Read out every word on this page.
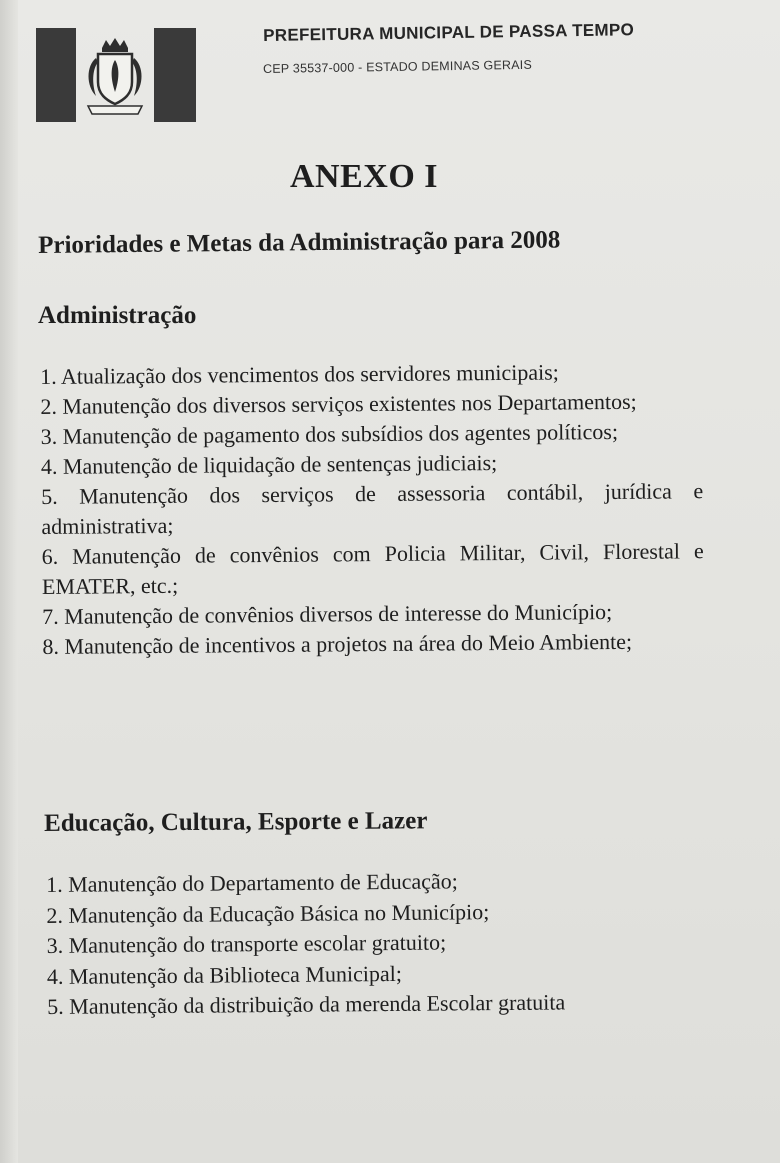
PREFEITURA MUNICIPAL DE PASSA TEMPO
CEP 35537-000 - ESTADO DEMINAS GERAIS
ANEXO I
Prioridades e Metas da Administração para 2008
Administração
1. Atualização dos vencimentos dos servidores municipais;
2. Manutenção dos diversos serviços existentes nos Departamentos;
3. Manutenção de pagamento dos subsídios dos agentes políticos;
4. Manutenção de liquidação de sentenças judiciais;
5. Manutenção dos serviços de assessoria contábil, jurídica e administrativa;
6. Manutenção de convênios com Policia Militar, Civil, Florestal e EMATER, etc.;
7. Manutenção de convênios diversos de interesse do Município;
8. Manutenção de incentivos a projetos na área do Meio Ambiente;
Educação, Cultura, Esporte e Lazer
1. Manutenção do Departamento de Educação;
2. Manutenção da Educação Básica no Município;
3. Manutenção do transporte escolar gratuito;
4. Manutenção da Biblioteca Municipal;
5. Manutenção da distribuição da merenda Escolar gratuita
